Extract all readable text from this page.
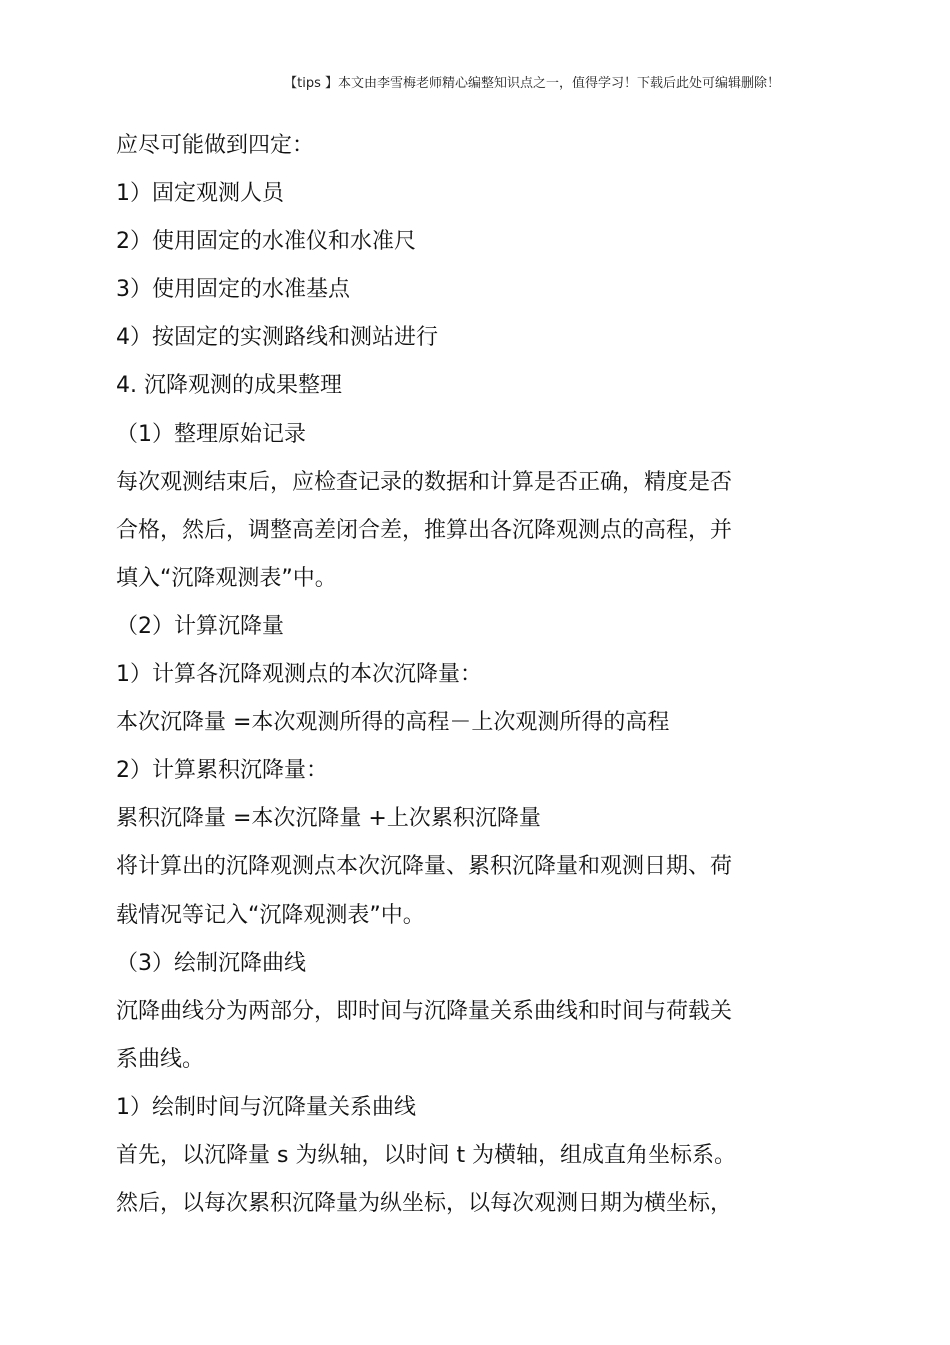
【tips 】本文由李雪梅老师精心编整知识点之一，值得学习！下载后此处可编辑删除！
应尽可能做到四定：
1）固定观测人员
2）使用固定的水准仪和水准尺
3）使用固定的水准基点
4）按固定的实测路线和测站进行
4. 沉降观测的成果整理
（1）整理原始记录
每次观测结束后，应检查记录的数据和计算是否正确，精度是否
合格，然后，调整高差闭合差，推算出各沉降观测点的高程，并
填入“沉降观测表”中。
（2）计算沉降量
1）计算各沉降观测点的本次沉降量：
本次沉降量 =本次观测所得的高程－上次观测所得的高程
2）计算累积沉降量：
累积沉降量 =本次沉降量 +上次累积沉降量
将计算出的沉降观测点本次沉降量、累积沉降量和观测日期、荷
载情况等记入“沉降观测表”中。
（3）绘制沉降曲线
沉降曲线分为两部分，即时间与沉降量关系曲线和时间与荷载关
系曲线。
1）绘制时间与沉降量关系曲线
首先，以沉降量 s 为纵轴，以时间 t 为横轴，组成直角坐标系。
然后，以每次累积沉降量为纵坐标，以每次观测日期为横坐标，
